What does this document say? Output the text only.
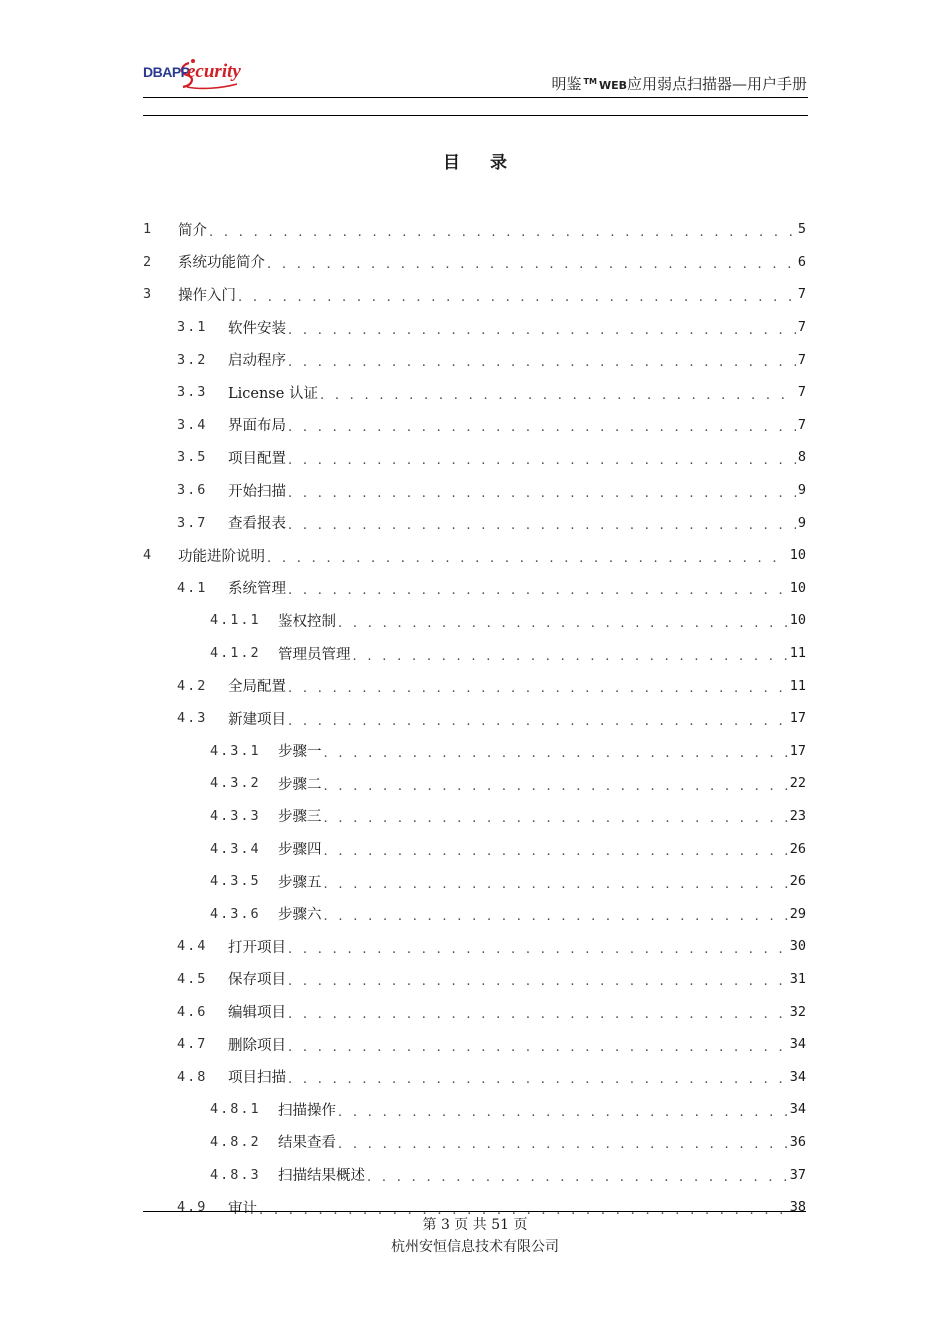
DBAPP
ecurity
明鉴 ™ WEB应用弱点扫描器—用户手册
目录
1	简介 . . .	5
2	系统功能简介 . . .	6
3	操作入门 . . .	7
3.1	软件安装 . . .	7
3.2	启动程序 . . .	7
3.3	License 认证 . . .	7
3.4	界面布局 . . .	7
3.5	项目配置 . . .	8
3.6	开始扫描 . . .	9
3.7	查看报表 . . .	9
4	功能进阶说明 . . .	10
4.1	系统管理 . . .	10
4.1.1	鉴权控制 . . .	10
4.1.2	管理员管理 . . .	11
4.2	全局配置 . . .	11
4.3	新建项目 . . .	17
4.3.1	步骤一 . . .	17
4.3.2	步骤二 . . .	22
4.3.3	步骤三 . . .	23
4.3.4	步骤四 . . .	26
4.3.5	步骤五 . . .	26
4.3.6	步骤六 . . .	29
4.4	打开项目 . . .	30
4.5	保存项目 . . .	31
4.6	编辑项目 . . .	32
4.7	删除项目 . . .	34
4.8	项目扫描 . . .	34
4.8.1	扫描操作 . . .	34
4.8.2	结果查看 . . .	36
4.8.3	扫描结果概述 . . .	37
4.9	审计 . . .	38
第 3 页 共 51 页
杭州安恒信息技术有限公司
